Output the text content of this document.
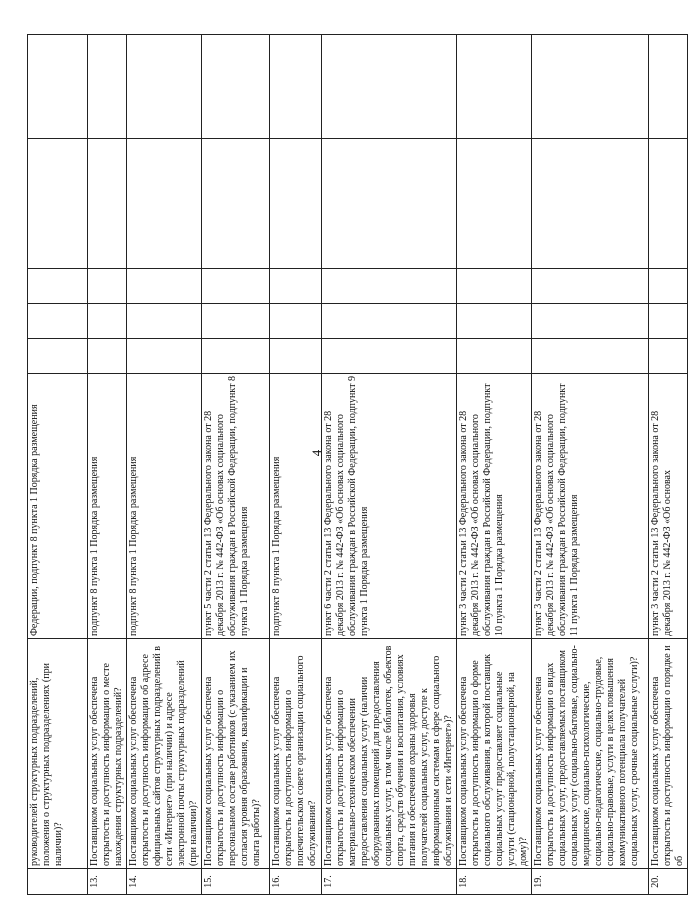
4
	руководителей структурных подразделений, положения о структурных подразделениях (при наличии)?	Федерации, подпункт 8 пункта 1 Порядка размещения					
13.	Поставщиком социальных услуг обеспечена открытость и доступность информации о месте нахождения структурных подразделений?	подпункт 8 пункта 1 Порядка размещения					
14.	Поставщиком социальных услуг обеспечена открытость и доступность информации об адресе официальных сайтов структурных подразделений в сети «Интернет» (при наличии) и адресе электронной почты структурных подразделений (при наличии)?	подпункт 8 пункта 1 Порядка размещения					
15.	Поставщиком социальных услуг обеспечена открытость и доступность информации о персональном составе работников (с указанием их согласия уровня образования, квалификации и опыта работы)?	пункт 5 части 2 статьи 13 Федерального закона от 28 декабря 2013 г. № 442-ФЗ «Об основах социального обслуживания граждан в Российской Федерации, подпункт 8 пункта 1 Порядка размещения					
16.	Поставщиком социальных услуг обеспечена открытость и доступность информации о попечительском совете организации социального обслуживания?	подпункт 8 пункта 1 Порядка размещения					
17.	Поставщиком социальных услуг обеспечена открытость и доступность информации о материально-техническом обеспечении предоставления социальных услуг (наличии оборудованных помещений для предоставления социальных услуг, в том числе библиотек, объектов спорта, средств обучения и воспитания, условиях питания и обеспечения охраны здоровья получателей социальных услуг, доступе к информационным системам в сфере социального обслуживания и сети «Интернет»)?	пункт 6 части 2 статьи 13 Федерального закона от 28 декабря 2013 г. № 442-ФЗ «Об основах социального обслуживания граждан в Российской Федерации, подпункт 9 пункта 1 Порядка размещения					
18.	Поставщиком социальных услуг обеспечена открытость и доступность информации о форме социального обслуживания, в которой поставщик социальных услуг предоставляет социальные услуги (стационарной, полустационарной, на дому)?	пункт 3 части 2 статьи 13 Федерального закона от 28 декабря 2013 г. № 442-ФЗ «Об основах социального обслуживания граждан в Российской Федерации, подпункт 10 пункта 1 Порядка размещения					
19.	Поставщиком социальных услуг обеспечена открытость и доступность информации о видах социальных услуг, предоставляемых поставщиком социальных услуг (социально-бытовые, социально-медицинские, социально-психологические, социально-педагогические, социально-трудовые, социально-правовые, услуги в целях повышения коммуникативного потенциала получателей социальных услуг, срочные социальные услуги)?	пункт 3 части 2 статьи 13 Федерального закона от 28 декабря 2013 г. № 442-ФЗ «Об основах социального обслуживания граждан в Российской Федерации, подпункт 11 пункта 1 Порядка размещения					
20.	Поставщиком социальных услуг обеспечена открытость и доступность информации о порядке и об	пункт 3 части 2 статьи 13 Федерального закона от 28 декабря 2013 г. № 442-ФЗ «Об основах					
